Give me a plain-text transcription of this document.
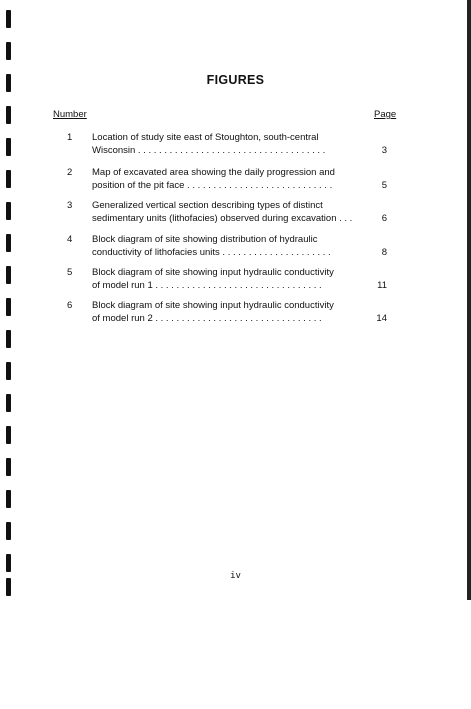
FIGURES
Number	Page
1 Location of study site east of Stoughton, south-central
Wisconsin . . . . . . . . . . . . . . . . . . . . . . . . . . . . . . . . . . . .	3
2 Map of excavated area showing the daily progression and
position of the pit face . . . . . . . . . . . . . . . . . . . . . . . . . . . .	5
3 Generalized vertical section describing types of distinct
sedimentary units (lithofacies) observed during excavation . . .	6
4 Block diagram of site showing distribution of hydraulic
conductivity of lithofacies units . . . . . . . . . . . . . . . . . . . . .	8
5 Block diagram of site showing input hydraulic conductivity
of model run 1 . . . . . . . . . . . . . . . . . . . . . . . . . . . . . . . .	11
6 Block diagram of site showing input hydraulic conductivity
of model run 2 . . . . . . . . . . . . . . . . . . . . . . . . . . . . . . . .	14
iv
